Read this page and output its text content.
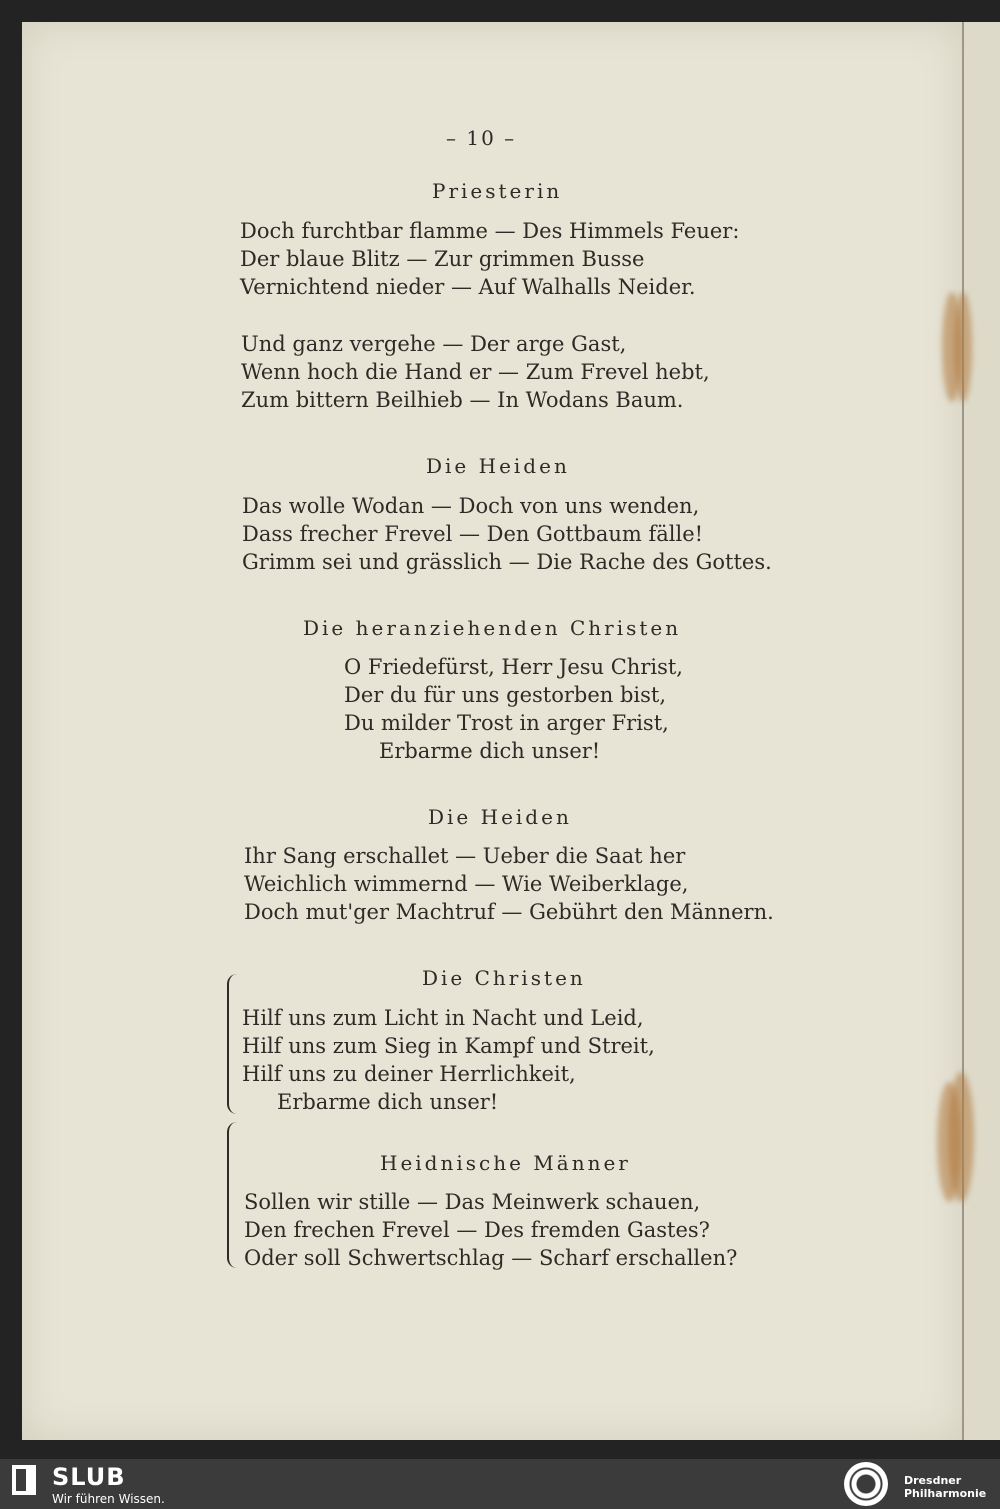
– 10 –
Priesterin
Doch furchtbar flamme — Des Himmels Feuer:
Der blaue Blitz — Zur grimmen Busse
Vernichtend nieder — Auf Walhalls Neider.
Und ganz vergehe — Der arge Gast,
Wenn hoch die Hand er — Zum Frevel hebt,
Zum bittern Beilhieb — In Wodans Baum.
Die Heiden
Das wolle Wodan — Doch von uns wenden,
Dass frecher Frevel — Den Gottbaum fälle!
Grimm sei und grässlich — Die Rache des Gottes.
Die heranziehenden Christen
O Friedefürst, Herr Jesu Christ,
Der du für uns gestorben bist,
Du milder Trost in arger Frist,
Erbarme dich unser!
Die Heiden
Ihr Sang erschallet — Ueber die Saat her
Weichlich wimmernd — Wie Weiberklage,
Doch mut'ger Machtruf — Gebührt den Männern.
Die Christen
Hilf uns zum Licht in Nacht und Leid,
Hilf uns zum Sieg in Kampf und Streit,
Hilf uns zu deiner Herrlichkeit,
Erbarme dich unser!
Heidnische Männer
Sollen wir stille — Das Meinwerk schauen,
Den frechen Frevel — Des fremden Gastes?
Oder soll Schwertschlag — Scharf erschallen?
SLUB
Wir führen Wissen.
Dresdner
Philharmonie
